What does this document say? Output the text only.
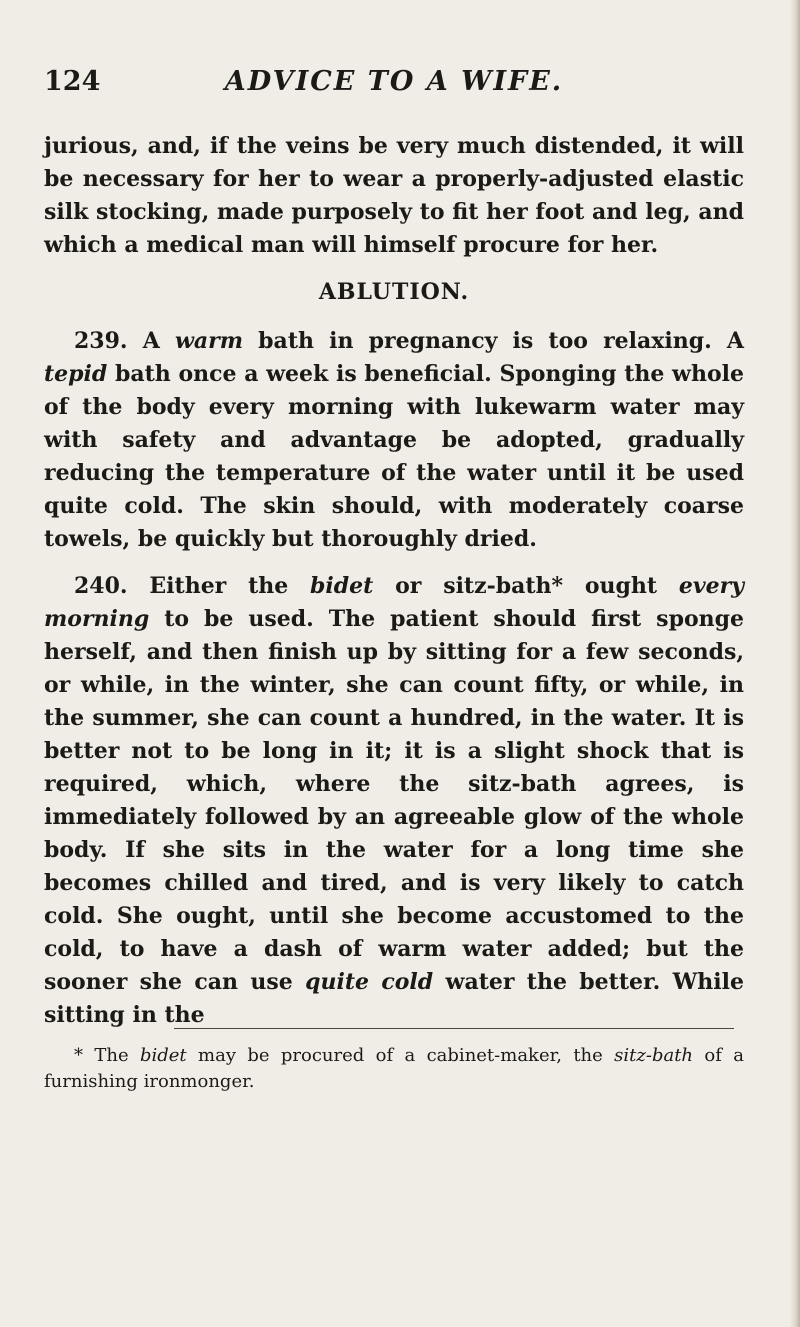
124	ADVICE TO A WIFE.

jurious, and, if the veins be very much distended, it will be necessary for her to wear a properly-adjusted elastic silk stocking, made purposely to fit her foot and leg, and which a medical man will himself procure for her.

ABLUTION.

239. A warm bath in pregnancy is too relaxing. A tepid bath once a week is beneficial. Sponging the whole of the body every morning with lukewarm water may with safety and advantage be adopted, gradually reducing the temperature of the water until it be used quite cold. The skin should, with moderately coarse towels, be quickly but thoroughly dried.

240. Either the bidet or sitz-bath* ought every morning to be used. The patient should first sponge herself, and then finish up by sitting for a few seconds, or while, in the winter, she can count fifty, or while, in the summer, she can count a hundred, in the water. It is better not to be long in it; it is a slight shock that is required, which, where the sitz-bath agrees, is immediately followed by an agreeable glow of the whole body. If she sits in the water for a long time she becomes chilled and tired, and is very likely to catch cold. She ought, until she become accustomed to the cold, to have a dash of warm water added; but the sooner she can use quite cold water the better. While sitting in the

* The bidet may be procured of a cabinet-maker, the sitz-bath of a furnishing ironmonger.
